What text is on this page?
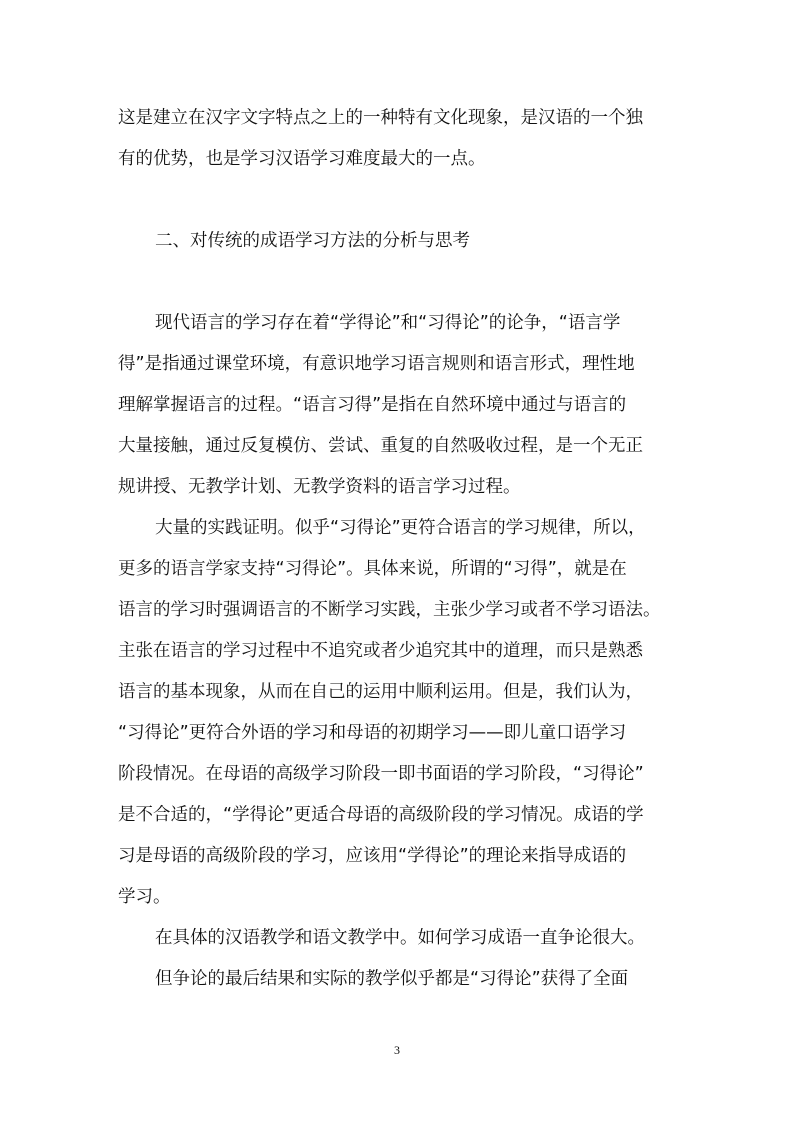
这是建立在汉字文字特点之上的一种特有文化现象，是汉语的一个独
有的优势，也是学习汉语学习难度最大的一点。
二、对传统的成语学习方法的分析与思考
现代语言的学习存在着“学得论”和“习得论”的论争，“语言学
得”是指通过课堂环境，有意识地学习语言规则和语言形式，理性地
理解掌握语言的过程。“语言习得”是指在自然环境中通过与语言的
大量接触，通过反复模仿、尝试、重复的自然吸收过程，是一个无正
规讲授、无教学计划、无教学资料的语言学习过程。
大量的实践证明。似乎“习得论”更符合语言的学习规律，所以，
更多的语言学家支持“习得论”。具体来说，所谓的“习得”，就是在
语言的学习时强调语言的不断学习实践，主张少学习或者不学习语法。
主张在语言的学习过程中不追究或者少追究其中的道理，而只是熟悉
语言的基本现象，从而在自己的运用中顺利运用。但是，我们认为，
“习得论”更符合外语的学习和母语的初期学习——即儿童口语学习
阶段情况。在母语的高级学习阶段一即书面语的学习阶段，“习得论”
是不合适的，“学得论”更适合母语的高级阶段的学习情况。成语的学
习是母语的高级阶段的学习，应该用“学得论”的理论来指导成语的
学习。
在具体的汉语教学和语文教学中。如何学习成语一直争论很大。
但争论的最后结果和实际的教学似乎都是“习得论”获得了全面
3
